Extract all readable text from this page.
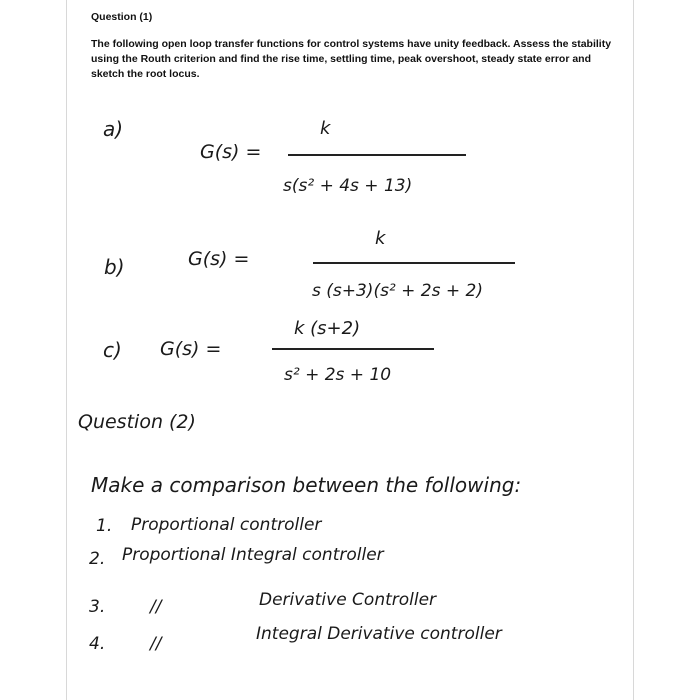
Question (1)
The following open loop transfer functions for control systems have unity feedback. Assess the stability using the Routh criterion and find the rise time, settling time, peak overshoot, steady state error and sketch the root locus.
a)
G(s) =
k
s(s² + 4s + 13)
b)	G(s) =
k
s (s+3)(s² + 2s + 2)
c) G(s) =
k (s+2)
s² + 2s + 10
Question (2)
Make a comparison between the following:
1. Proportional controller
2. Proportional Integral controller
3.	//	Derivative Controller
4.	//	Integral Derivative controller
